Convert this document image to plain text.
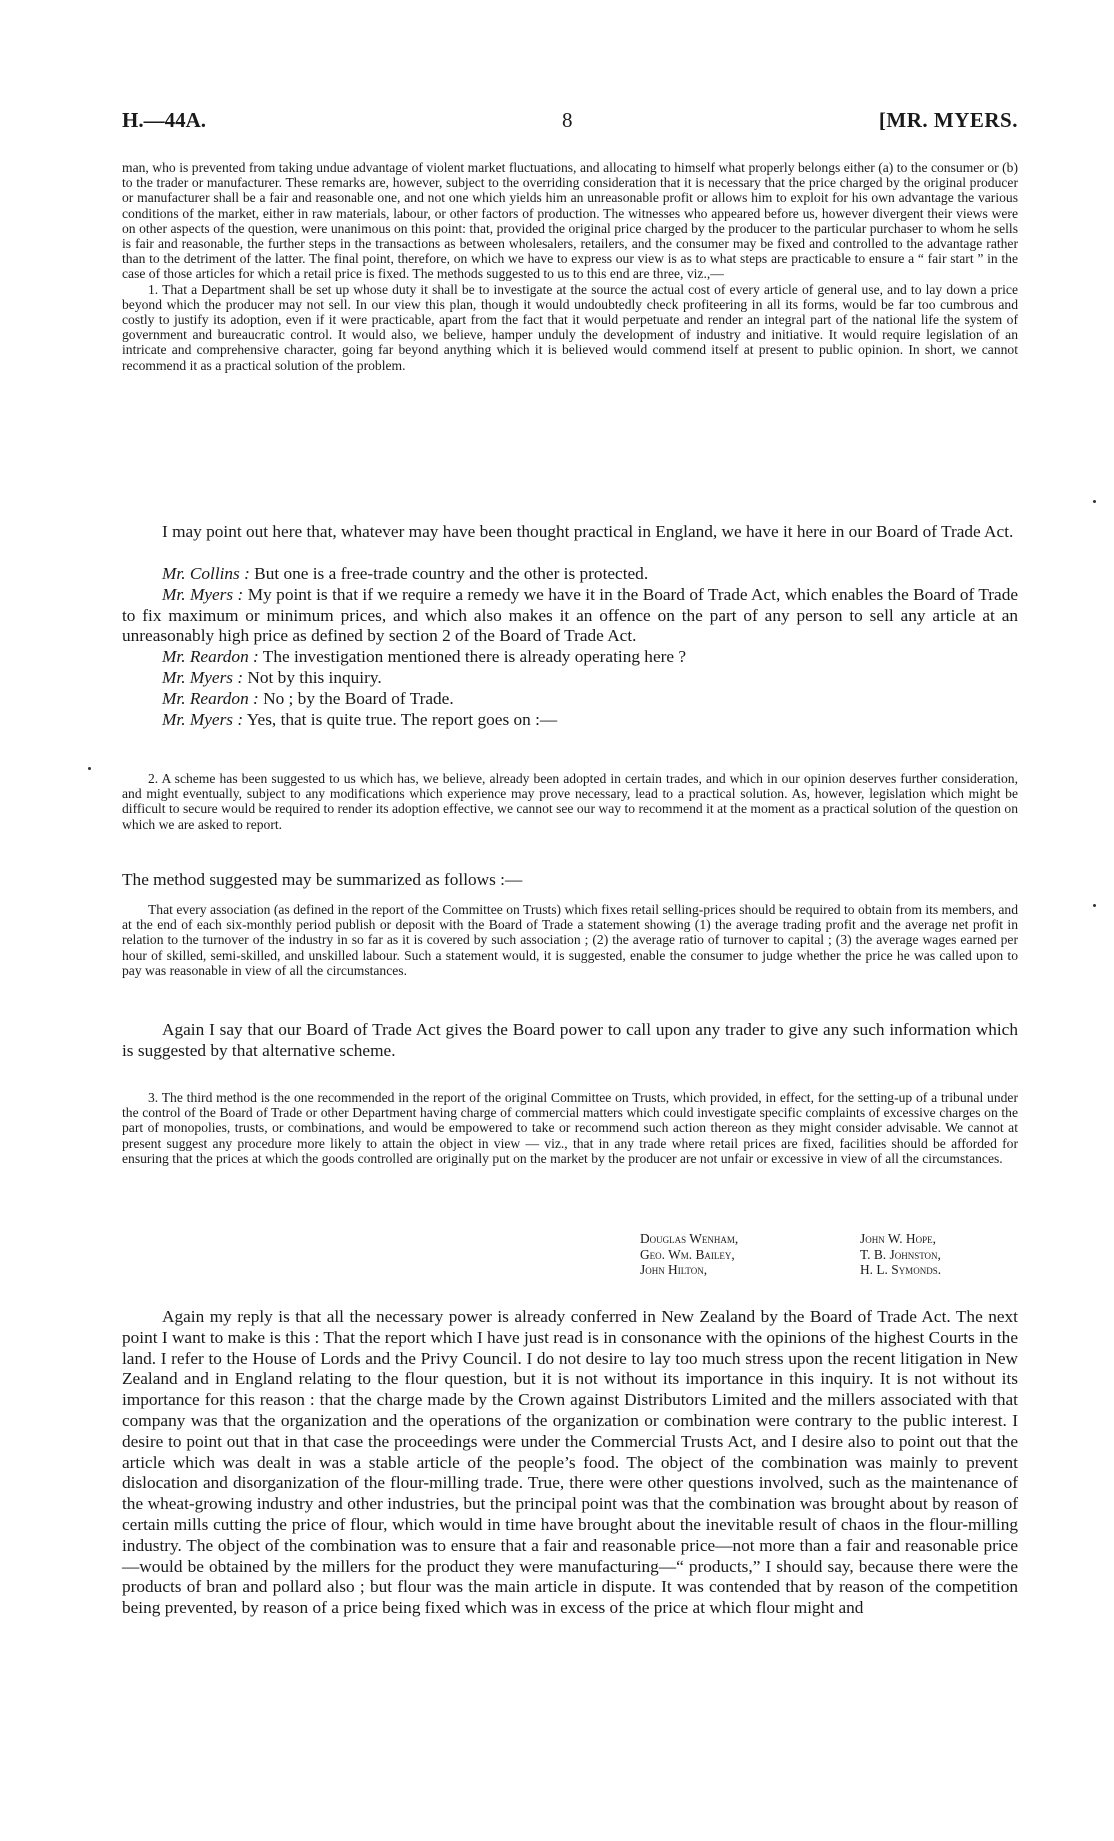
H.—44A.	8	[MR. MYERS.

man, who is prevented from taking undue advantage of violent market fluctuations, and allocating to himself what properly belongs either (a) to the consumer or (b) to the trader or manufacturer. These remarks are, however, subject to the overriding consideration that it is necessary that the price charged by the original producer or manufacturer shall be a fair and reasonable one, and not one which yields him an unreasonable profit or allows him to exploit for his own advantage the various conditions of the market, either in raw materials, labour, or other factors of production. The witnesses who appeared before us, however divergent their views were on other aspects of the question, were unanimous on this point: that, provided the original price charged by the producer to the particular purchaser to whom he sells is fair and reasonable, the further steps in the transactions as between wholesalers, retailers, and the consumer may be fixed and controlled to the advantage rather than to the detriment of the latter. The final point, therefore, on which we have to express our view is as to what steps are practicable to ensure a “ fair start ” in the case of those articles for which a retail price is fixed. The methods suggested to us to this end are three, viz.,—

1. That a Department shall be set up whose duty it shall be to investigate at the source the actual cost of every article of general use, and to lay down a price beyond which the producer may not sell. In our view this plan, though it would undoubtedly check profiteering in all its forms, would be far too cumbrous and costly to justify its adoption, even if it were practicable, apart from the fact that it would perpetuate and render an integral part of the national life the system of government and bureaucratic control. It would also, we believe, hamper unduly the development of industry and initiative. It would require legislation of an intricate and comprehensive character, going far beyond anything which it is believed would commend itself at present to public opinion. In short, we cannot recommend it as a practical solution of the problem.

I may point out here that, whatever may have been thought practical in England, we have it here in our Board of Trade Act.

Mr. Collins : But one is a free-trade country and the other is protected.

Mr. Myers : My point is that if we require a remedy we have it in the Board of Trade Act, which enables the Board of Trade to fix maximum or minimum prices, and which also makes it an offence on the part of any person to sell any article at an unreasonably high price as defined by section 2 of the Board of Trade Act.

Mr. Reardon : The investigation mentioned there is already operating here ?

Mr. Myers : Not by this inquiry.

Mr. Reardon : No ; by the Board of Trade.

Mr. Myers : Yes, that is quite true. The report goes on :—

2. A scheme has been suggested to us which has, we believe, already been adopted in certain trades, and which in our opinion deserves further consideration, and might eventually, subject to any modifications which experience may prove necessary, lead to a practical solution. As, however, legislation which might be difficult to secure would be required to render its adoption effective, we cannot see our way to recommend it at the moment as a practical solution of the question on which we are asked to report.

The method suggested may be summarized as follows :—

That every association (as defined in the report of the Committee on Trusts) which fixes retail selling-prices should be required to obtain from its members, and at the end of each six-monthly period publish or deposit with the Board of Trade a statement showing (1) the average trading profit and the average net profit in relation to the turnover of the industry in so far as it is covered by such association ; (2) the average ratio of turnover to capital ; (3) the average wages earned per hour of skilled, semi-skilled, and unskilled labour. Such a statement would, it is suggested, enable the consumer to judge whether the price he was called upon to pay was reasonable in view of all the circumstances.

Again I say that our Board of Trade Act gives the Board power to call upon any trader to give any such information which is suggested by that alternative scheme.

3. The third method is the one recommended in the report of the original Committee on Trusts, which provided, in effect, for the setting-up of a tribunal under the control of the Board of Trade or other Department having charge of commercial matters which could investigate specific complaints of excessive charges on the part of monopolies, trusts, or combinations, and would be empowered to take or recommend such action thereon as they might consider advisable. We cannot at present suggest any procedure more likely to attain the object in view — viz., that in any trade where retail prices are fixed, facilities should be afforded for ensuring that the prices at which the goods controlled are originally put on the market by the producer are not unfair or excessive in view of all the circumstances.

Douglas Wenham,
Geo. Wm. Bailey,
John Hilton,
John W. Hope,
T. B. Johnston,
H. L. Symonds.

Again my reply is that all the necessary power is already conferred in New Zealand by the Board of Trade Act. The next point I want to make is this : That the report which I have just read is in consonance with the opinions of the highest Courts in the land. I refer to the House of Lords and the Privy Council. I do not desire to lay too much stress upon the recent litigation in New Zealand and in England relating to the flour question, but it is not without its importance in this inquiry. It is not without its importance for this reason : that the charge made by the Crown against Distributors Limited and the millers associated with that company was that the organization and the operations of the organization or combination were contrary to the public interest. I desire to point out that in that case the proceedings were under the Commercial Trusts Act, and I desire also to point out that the article which was dealt in was a stable article of the people’s food. The object of the combination was mainly to prevent dislocation and disorganization of the flour-milling trade. True, there were other questions involved, such as the maintenance of the wheat-growing industry and other industries, but the principal point was that the combination was brought about by reason of certain mills cutting the price of flour, which would in time have brought about the inevitable result of chaos in the flour-milling industry. The object of the combination was to ensure that a fair and reasonable price—not more than a fair and reasonable price—would be obtained by the millers for the product they were manufacturing—“ products,” I should say, because there were the products of bran and pollard also ; but flour was the main article in dispute. It was contended that by reason of the competition being prevented, by reason of a price being fixed which was in excess of the price at which flour might and
